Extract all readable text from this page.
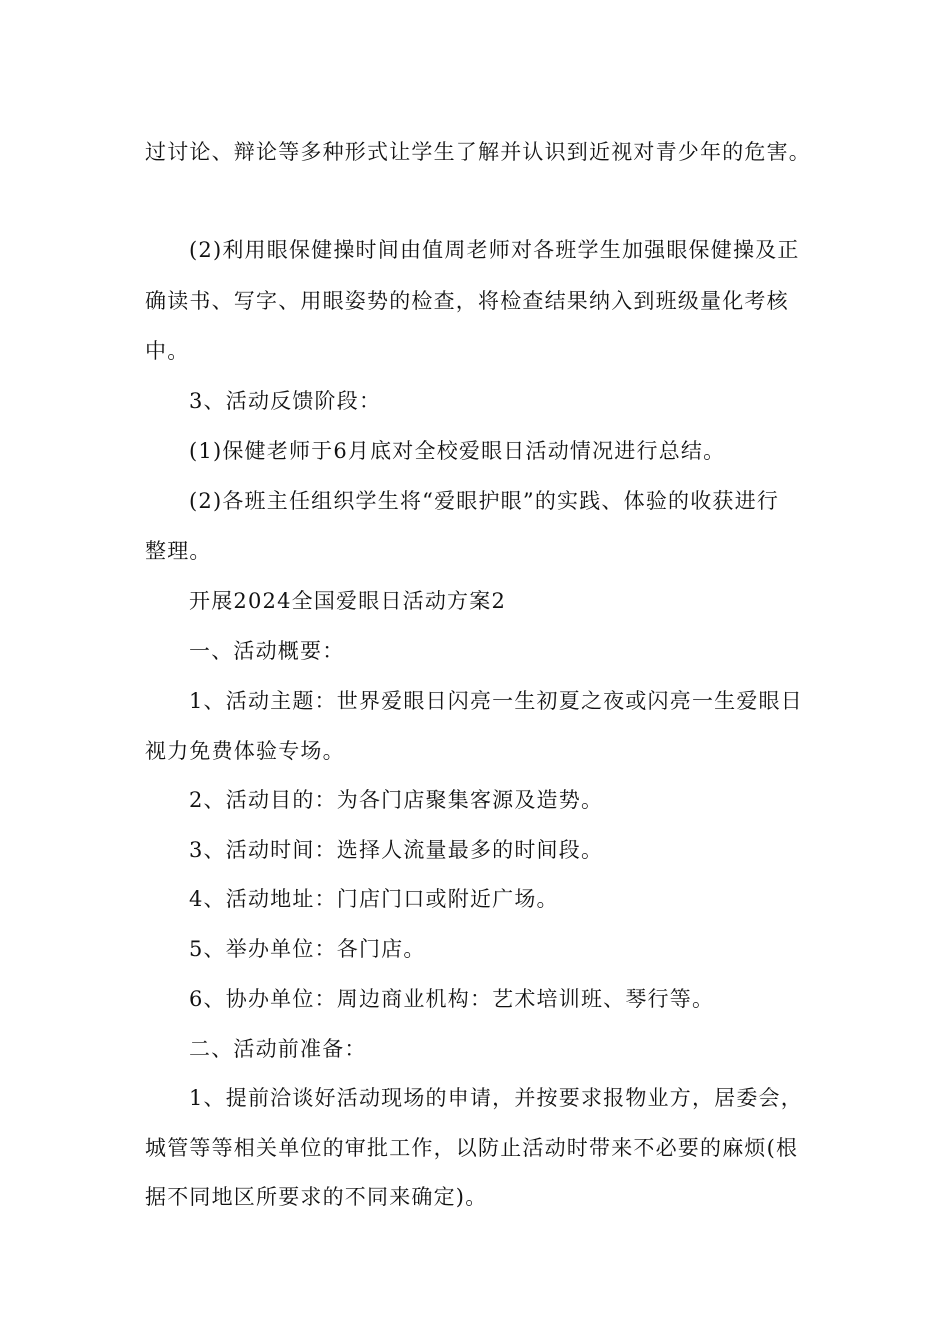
过讨论、辩论等多种形式让学生了解并认识到近视对青少年的危害。
(2)利用眼保健操时间由值周老师对各班学生加强眼保健操及正
确读书、写字、用眼姿势的检查，将检查结果纳入到班级量化考核
中。
3、活动反馈阶段：
(1)保健老师于6月底对全校爱眼日活动情况进行总结。
(2)各班主任组织学生将“爱眼护眼”的实践、体验的收获进行
整理。
开展2024全国爱眼日活动方案2
一、活动概要：
1、活动主题：世界爱眼日闪亮一生初夏之夜或闪亮一生爱眼日
视力免费体验专场。
2、活动目的：为各门店聚集客源及造势。
3、活动时间：选择人流量最多的时间段。
4、活动地址：门店门口或附近广场。
5、举办单位：各门店。
6、协办单位：周边商业机构：艺术培训班、琴行等。
二、活动前准备：
1、提前洽谈好活动现场的申请，并按要求报物业方，居委会，
城管等等相关单位的审批工作，以防止活动时带来不必要的麻烦(根
据不同地区所要求的不同来确定)。
